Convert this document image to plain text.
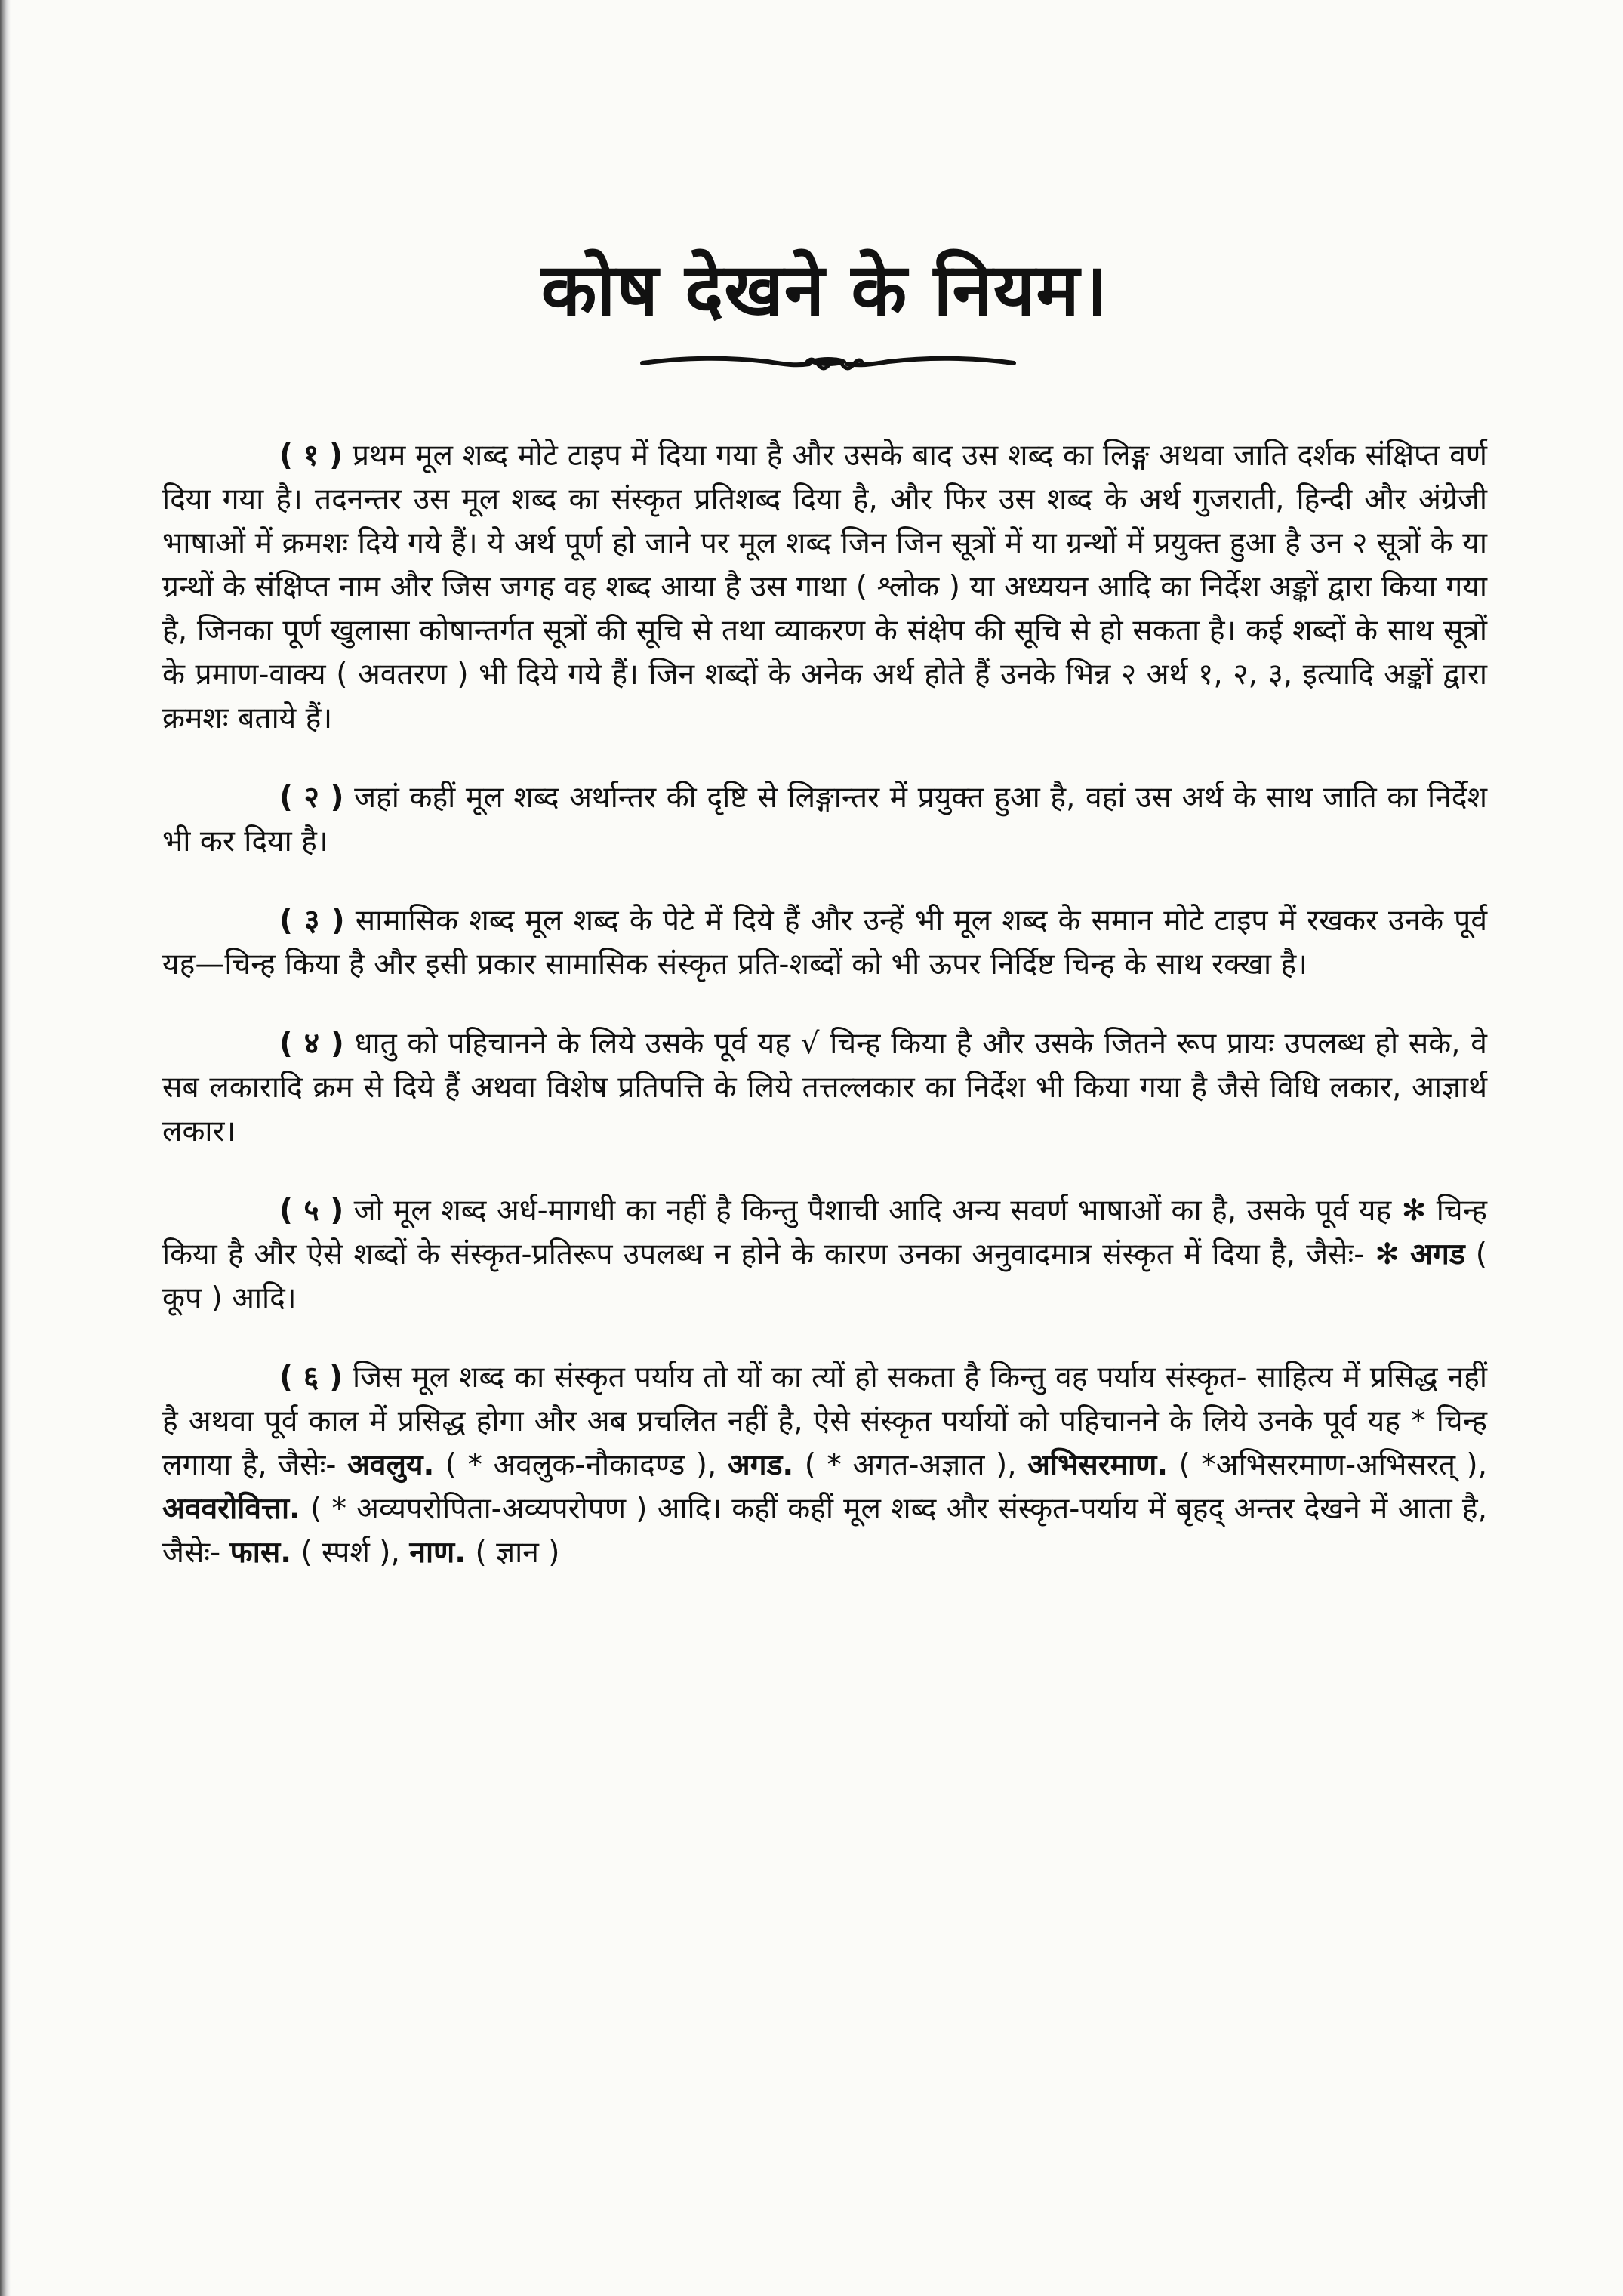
कोष देखने के नियम।

( १ ) प्रथम मूल शब्द मोटे टाइप में दिया गया है और उसके बाद उस शब्द का लिङ्ग अथवा जाति दर्शक संक्षिप्त वर्ण दिया गया है। तदनन्तर उस मूल शब्द का संस्कृत प्रतिशब्द दिया है, और फिर उस शब्द के अर्थ गुजराती, हिन्दी और अंग्रेजी भाषाओं में क्रमशः दिये गये हैं। ये अर्थ पूर्ण हो जाने पर मूल शब्द जिन जिन सूत्रों में या ग्रन्थों में प्रयुक्त हुआ है उन २ सूत्रों के या ग्रन्थों के संक्षिप्त नाम और जिस जगह वह शब्द आया है उस गाथा ( श्लोक ) या अध्ययन आदि का निर्देश अङ्कों द्वारा किया गया है, जिनका पूर्ण खुलासा कोषान्तर्गत सूत्रों की सूचि से तथा व्याकरण के संक्षेप की सूचि से हो सकता है। कई शब्दों के साथ सूत्रों के प्रमाण-वाक्य ( अवतरण ) भी दिये गये हैं। जिन शब्दों के अनेक अर्थ होते हैं उनके भिन्न २ अर्थ १, २, ३, इत्यादि अङ्कों द्वारा क्रमशः बताये हैं।

( २ ) जहां कहीं मूल शब्द अर्थान्तर की दृष्टि से लिङ्गान्तर में प्रयुक्त हुआ है, वहां उस अर्थ के साथ जाति का निर्देश भी कर दिया है।

( ३ ) सामासिक शब्द मूल शब्द के पेटे में दिये हैं और उन्हें भी मूल शब्द के समान मोटे टाइप में रखकर उनके पूर्व यह—चिन्ह किया है और इसी प्रकार सामासिक संस्कृत प्रति-शब्दों को भी ऊपर निर्दिष्ट चिन्ह के साथ रक्खा है।

( ४ ) धातु को पहिचानने के लिये उसके पूर्व यह √ चिन्ह किया है और उसके जितने रूप प्रायः उपलब्ध हो सके, वे सब लकारादि क्रम से दिये हैं अथवा विशेष प्रतिपत्ति के लिये तत्तल्लकार का निर्देश भी किया गया है जैसे विधि लकार, आज्ञार्थ लकार।

( ५ ) जो मूल शब्द अर्ध-मागधी का नहीं है किन्तु पैशाची आदि अन्य सवर्ण भाषाओं का है, उसके पूर्व यह ✻ चिन्ह किया है और ऐसे शब्दों के संस्कृत-प्रतिरूप उपलब्ध न होने के कारण उनका अनुवादमात्र संस्कृत में दिया है, जैसेः- ✻ अगड ( कूप ) आदि।

( ६ ) जिस मूल शब्द का संस्कृत पर्याय तो यों का त्यों हो सकता है किन्तु वह पर्याय संस्कृत- साहित्य में प्रसिद्ध नहीं है अथवा पूर्व काल में प्रसिद्ध होगा और अब प्रचलित नहीं है, ऐसे संस्कृत पर्यायों को पहिचानने के लिये उनके पूर्व यह * चिन्ह लगाया है, जैसेः- अवलुय. ( * अवलुक-नौकादण्ड ), अगड. ( * अगत-अज्ञात ), अभिसरमाण. ( *अभिसरमाण-अभिसरत् ), अववरोवित्ता. ( * अव्यपरोपिता-अव्यपरोपण ) आदि। कहीं कहीं मूल शब्द और संस्कृत-पर्याय में बृहद् अन्तर देखने में आता है, जैसेः- फास. ( स्पर्श ), नाण. ( ज्ञान )
